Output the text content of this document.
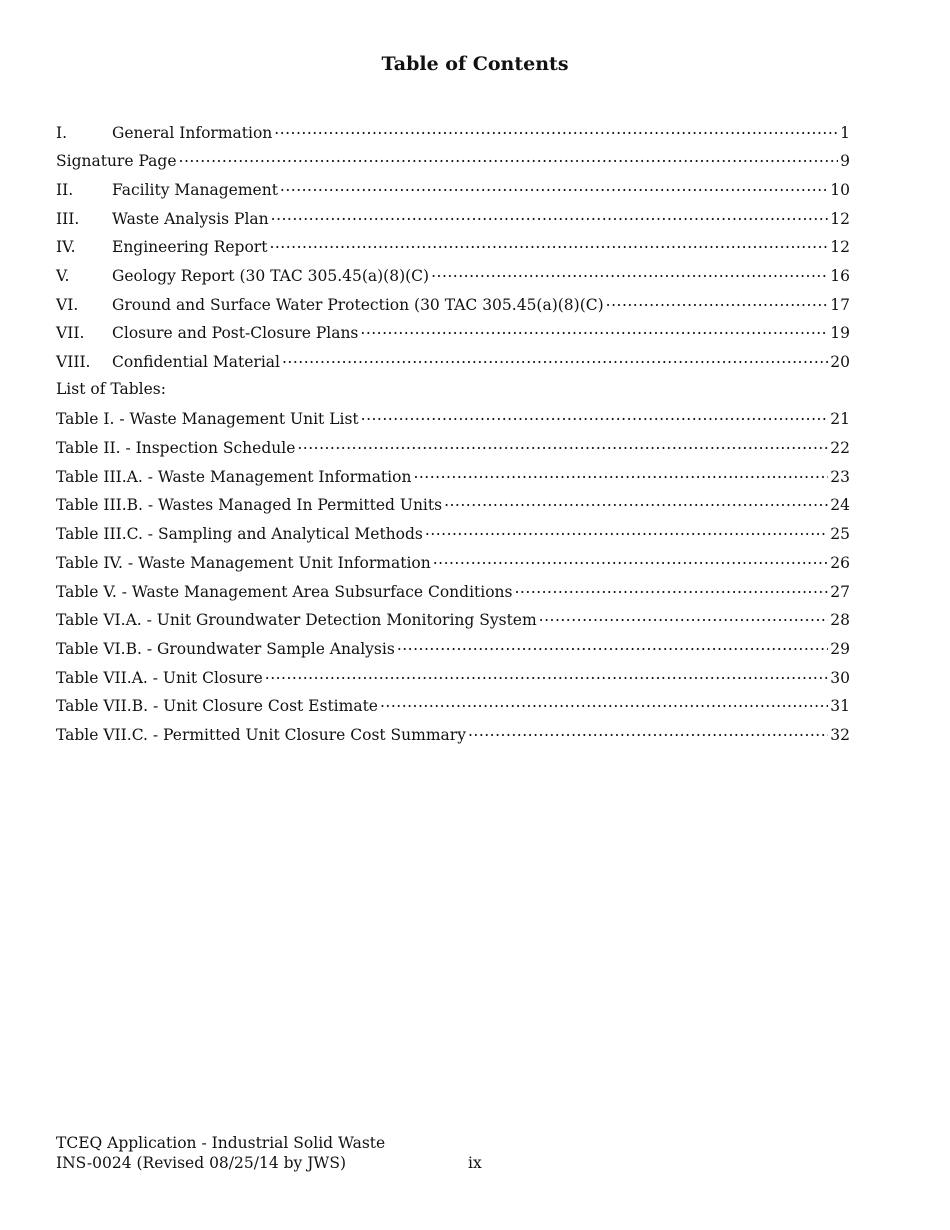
Table of Contents
I.	General Information .....	1
Signature Page .....	9
II.	Facility Management .....	10
III.	Waste Analysis Plan .....	12
IV.	Engineering Report .....	12
V.	Geology Report (30 TAC 305.45(a)(8)(C) .....	16
VI.	Ground and Surface Water Protection (30 TAC 305.45(a)(8)(C) .....	17
VII.	Closure and Post-Closure Plans .....	19
VIII.	Confidential Material .....	20
List of Tables:
Table I. - Waste Management Unit List .....	21
Table II. - Inspection Schedule .....	22
Table III.A. - Waste Management Information .....	23
Table III.B. - Wastes Managed In Permitted Units .....	24
Table III.C. - Sampling and Analytical Methods .....	25
Table IV. - Waste Management Unit Information .....	26
Table V. - Waste Management Area Subsurface Conditions .....	27
Table VI.A. - Unit Groundwater Detection Monitoring System .....	28
Table VI.B. - Groundwater Sample Analysis .....	29
Table VII.A. - Unit Closure .....	30
Table VII.B. - Unit Closure Cost Estimate .....	31
Table VII.C. - Permitted Unit Closure Cost Summary .....	32
TCEQ Application - Industrial Solid Waste
INS-0024 (Revised 08/25/14 by JWS)	ix
